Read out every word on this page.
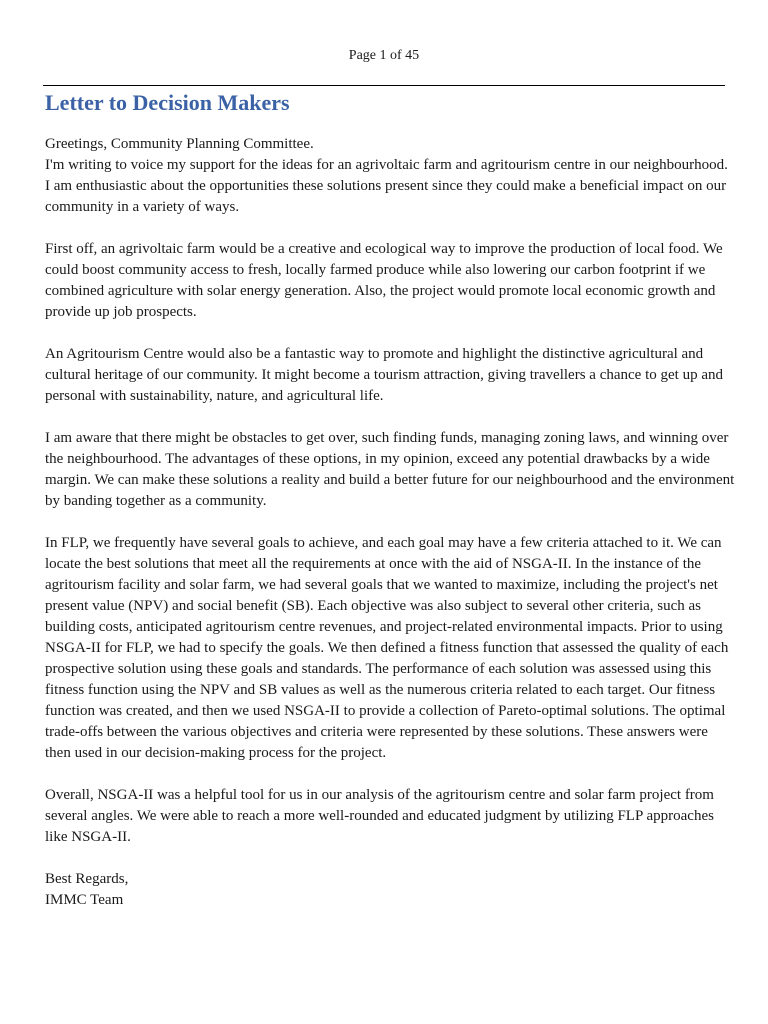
Page 1 of 45
Letter to Decision Makers

Greetings, Community Planning Committee.

I'm writing to voice my support for the ideas for an agrivoltaic farm and agritourism centre in our neighbourhood. I am enthusiastic about the opportunities these solutions present since they could make a beneficial impact on our community in a variety of ways.

First off, an agrivoltaic farm would be a creative and ecological way to improve the production of local food. We could boost community access to fresh, locally farmed produce while also lowering our carbon footprint if we combined agriculture with solar energy generation. Also, the project would promote local economic growth and provide up job prospects.

An Agritourism Centre would also be a fantastic way to promote and highlight the distinctive agricultural and cultural heritage of our community. It might become a tourism attraction, giving travellers a chance to get up and personal with sustainability, nature, and agricultural life.

I am aware that there might be obstacles to get over, such finding funds, managing zoning laws, and winning over the neighbourhood. The advantages of these options, in my opinion, exceed any potential drawbacks by a wide margin. We can make these solutions a reality and build a better future for our neighbourhood and the environment by banding together as a community.

In FLP, we frequently have several goals to achieve, and each goal may have a few criteria attached to it. We can locate the best solutions that meet all the requirements at once with the aid of NSGA-II. In the instance of the agritourism facility and solar farm, we had several goals that we wanted to maximize, including the project's net present value (NPV) and social benefit (SB). Each objective was also subject to several other criteria, such as building costs, anticipated agritourism centre revenues, and project-related environmental impacts. Prior to using NSGA-II for FLP, we had to specify the goals. We then defined a fitness function that assessed the quality of each prospective solution using these goals and standards. The performance of each solution was assessed using this fitness function using the NPV and SB values as well as the numerous criteria related to each target. Our fitness function was created, and then we used NSGA-II to provide a collection of Pareto-optimal solutions. The optimal trade-offs between the various objectives and criteria were represented by these solutions. These answers were then used in our decision-making process for the project.

Overall, NSGA-II was a helpful tool for us in our analysis of the agritourism centre and solar farm project from several angles. We were able to reach a more well-rounded and educated judgment by utilizing FLP approaches like NSGA-II.

Best Regards,

IMMC Team
